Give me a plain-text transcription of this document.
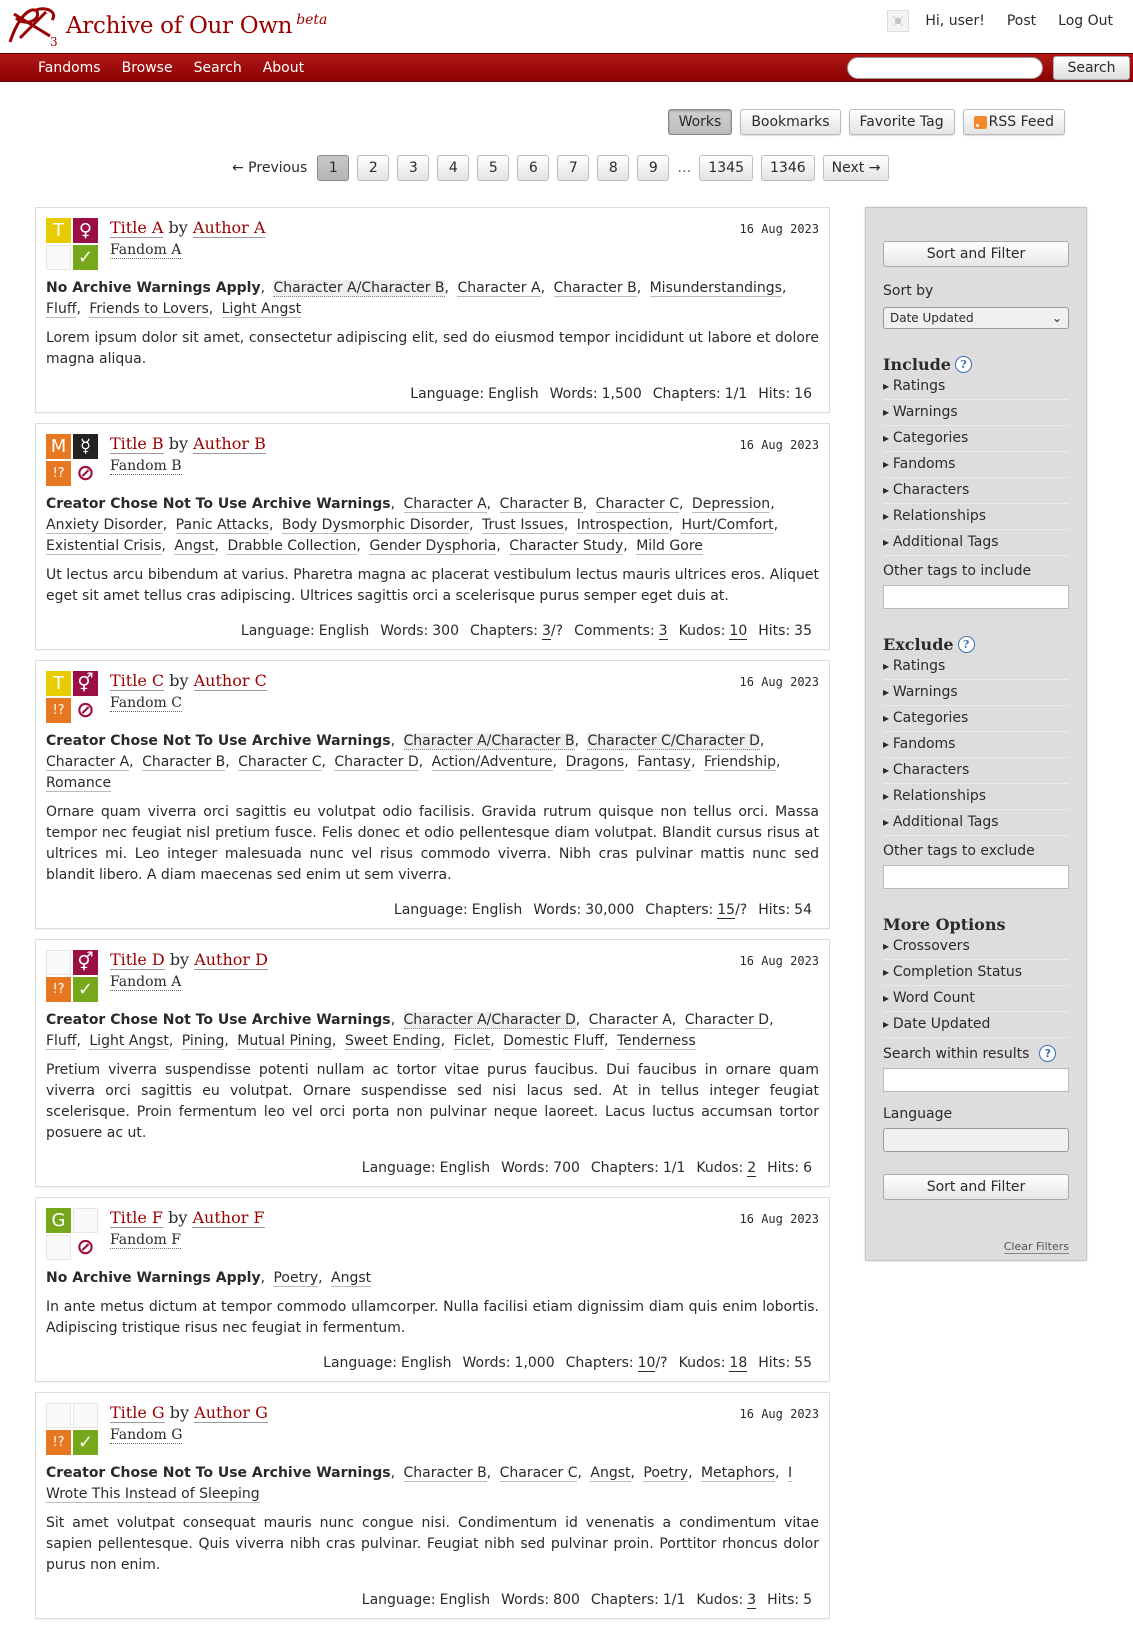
3
Archive of Our Own beta	Hi, user! Post Log Out
Fandoms Browse Search About	Search
Works	Bookmarks	Favorite Tag	RSS Feed
← Previous	1	2	3	4	5	6	7	8	9	…	1345	1346	Next →
T ♀
✓
Title A by Author A
Fandom A
16 Aug 2023
No Archive Warnings Apply, Character A/Character B, Character A, Character B, Misunderstandings, Fluff, Friends to Lovers, Light Angst
Lorem ipsum dolor sit amet, consectetur adipiscing elit, sed do eiusmod tempor incididunt ut labore et dolore magna aliqua.
Language: English Words: 1,500 Chapters: 1/1 Hits: 16
M ☿
!? ⊘
Title B by Author B
Fandom B
16 Aug 2023
Creator Chose Not To Use Archive Warnings, Character A, Character B, Character C, Depression, Anxiety Disorder, Panic Attacks, Body Dysmorphic Disorder, Trust Issues, Introspection, Hurt/Comfort, Existential Crisis, Angst, Drabble Collection, Gender Dysphoria, Character Study, Mild Gore
Ut lectus arcu bibendum at varius. Pharetra magna ac placerat vestibulum lectus mauris ultrices eros. Aliquet eget sit amet tellus cras adipiscing. Ultrices sagittis orci a scelerisque purus semper eget duis at.
Language: English Words: 300 Chapters: 3/? Comments: 3 Kudos: 10 Hits: 35
T ⚥
!? ⊘
Title C by Author C
Fandom C
16 Aug 2023
Creator Chose Not To Use Archive Warnings, Character A/Character B, Character C/Character D, Character A, Character B, Character C, Character D, Action/Adventure, Dragons, Fantasy, Friendship, Romance
Ornare quam viverra orci sagittis eu volutpat odio facilisis. Gravida rutrum quisque non tellus orci. Massa tempor nec feugiat nisl pretium fusce. Felis donec et odio pellentesque diam volutpat. Blandit cursus risus at ultrices mi. Leo integer malesuada nunc vel risus commodo viverra. Nibh cras pulvinar mattis nunc sed blandit libero. A diam maecenas sed enim ut sem viverra.
Language: English Words: 30,000 Chapters: 15/? Hits: 54
⚥
!? ✓
Title D by Author D
Fandom A
16 Aug 2023
Creator Chose Not To Use Archive Warnings, Character A/Character D, Character A, Character D, Fluff, Light Angst, Pining, Mutual Pining, Sweet Ending, Ficlet, Domestic Fluff, Tenderness
Pretium viverra suspendisse potenti nullam ac tortor vitae purus faucibus. Dui faucibus in ornare quam viverra orci sagittis eu volutpat. Ornare suspendisse sed nisi lacus sed. At in tellus integer feugiat scelerisque. Proin fermentum leo vel orci porta non pulvinar neque laoreet. Lacus luctus accumsan tortor posuere ac ut.
Language: English Words: 700 Chapters: 1/1 Kudos: 2 Hits: 6
G
⊘
Title F by Author F
Fandom F
16 Aug 2023
No Archive Warnings Apply, Poetry, Angst
In ante metus dictum at tempor commodo ullamcorper. Nulla facilisi etiam dignissim diam quis enim lobortis. Adipiscing tristique risus nec feugiat in fermentum.
Language: English Words: 1,000 Chapters: 10/? Kudos: 18 Hits: 55
!? ✓
Title G by Author G
Fandom G
16 Aug 2023
Creator Chose Not To Use Archive Warnings, Character B, Characer C, Angst, Poetry, Metaphors, I Wrote This Instead of Sleeping
Sit amet volutpat consequat mauris nunc congue nisi. Condimentum id venenatis a condimentum vitae sapien pellentesque. Quis viverra nibh cras pulvinar. Feugiat nibh sed pulvinar proin. Porttitor rhoncus dolor purus non enim.
Language: English Words: 800 Chapters: 1/1 Kudos: 3 Hits: 5
Sort and Filter
Sort by
Date Updated	⌄
Include ?
▸ Ratings
▸ Warnings
▸ Categories
▸ Fandoms
▸ Characters
▸ Relationships
▸ Additional Tags
Other tags to include
Exclude ?
▸ Ratings
▸ Warnings
▸ Categories
▸ Fandoms
▸ Characters
▸ Relationships
▸ Additional Tags
Other tags to exclude
More Options
▸ Crossovers
▸ Completion Status
▸ Word Count
▸ Date Updated
Search within results	?
Language
Sort and Filter
Clear Filters
